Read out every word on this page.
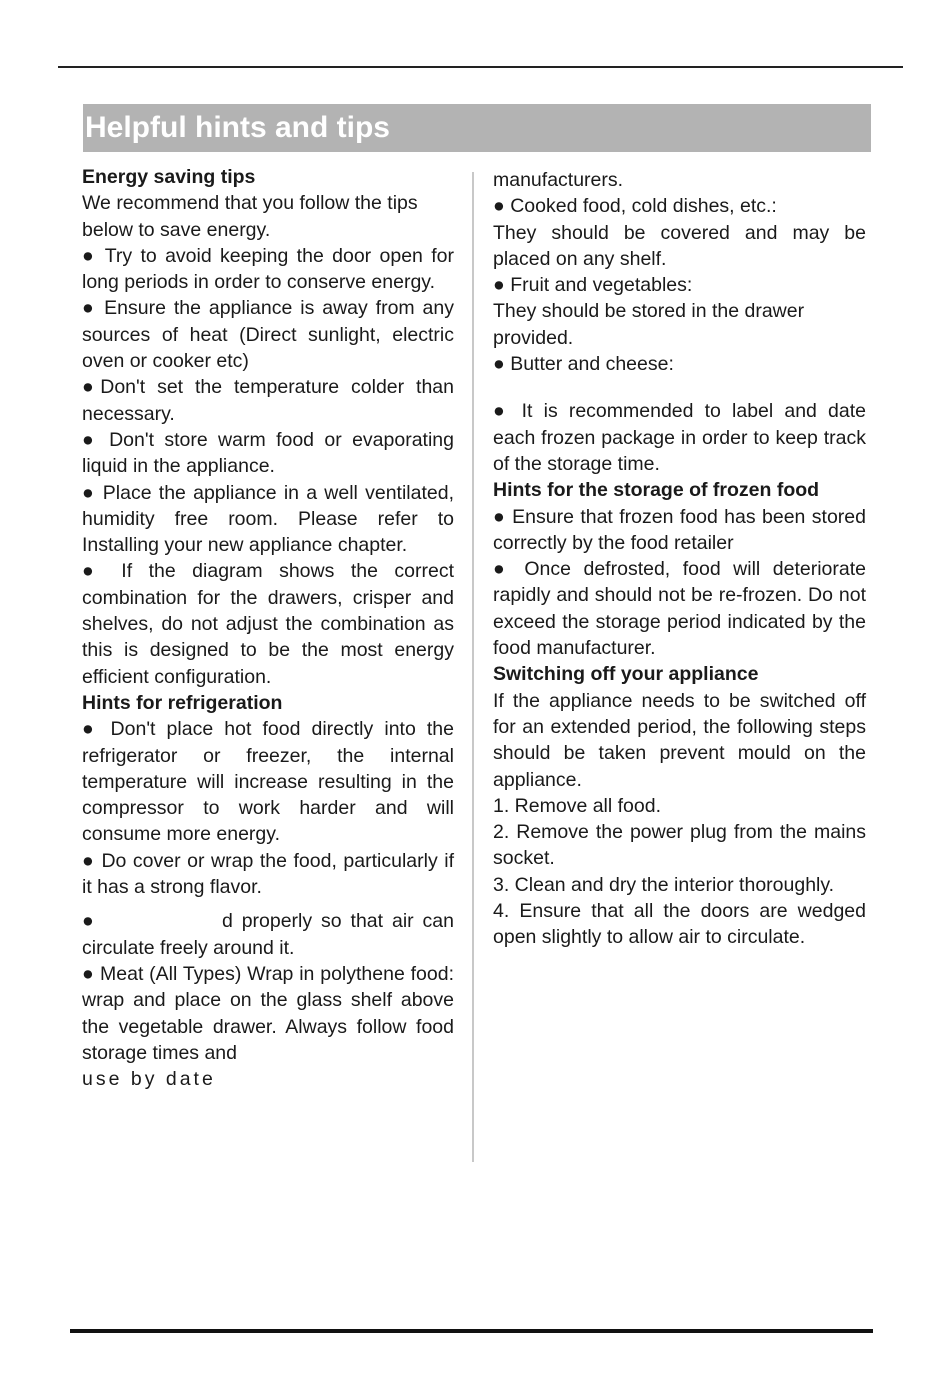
Helpful hints and tips

Energy saving tips

We recommend that you follow the tips below to save energy.

● Try to avoid keeping the door open for long periods in order to conserve energy.

● Ensure the appliance is away from any sources of heat (Direct sunlight, electric oven or cooker etc)

●Don't set the temperature colder than necessary.

● Don't store warm food or evaporating liquid in the appliance.

● Place the appliance in a well ventilated, humidity free room. Please refer to Installing your new appliance chapter.

● If the diagram shows the correct combination for the drawers, crisper and shelves, do not adjust the combination as this is designed to be the most energy efficient configuration.

Hints for refrigeration

● Don't place hot food directly into the refrigerator or freezer, the internal temperature will increase resulting in the compressor to work harder and will consume more energy.

● Do cover or wrap the food, particularly if it has a strong flavor.

●              d properly so that air can circulate freely around it.

● Meat (All Types) Wrap in polythene food: wrap and place on the glass shelf above the vegetable drawer. Always follow food storage times and

use by date

manufacturers.

● Cooked food, cold dishes, etc.:

They should be covered and may be placed on any shelf.

● Fruit and vegetables:

They should be stored in the drawer provided.

● Butter and cheese:

● It is recommended to label and date each frozen package in order to keep track of the storage time.

Hints for the storage of frozen food

● Ensure that frozen food has been stored correctly by the food retailer

● Once defrosted, food will deteriorate rapidly and should not be re-frozen. Do not exceed the storage period indicated by the food manufacturer.

Switching off your appliance

If the appliance needs to be switched off for an extended period, the following steps should be taken prevent mould on the appliance.

1. Remove all food.

2. Remove the power plug from the mains socket.

3. Clean and dry the interior thoroughly.

4. Ensure that all the doors are wedged open slightly to allow air to circulate.
